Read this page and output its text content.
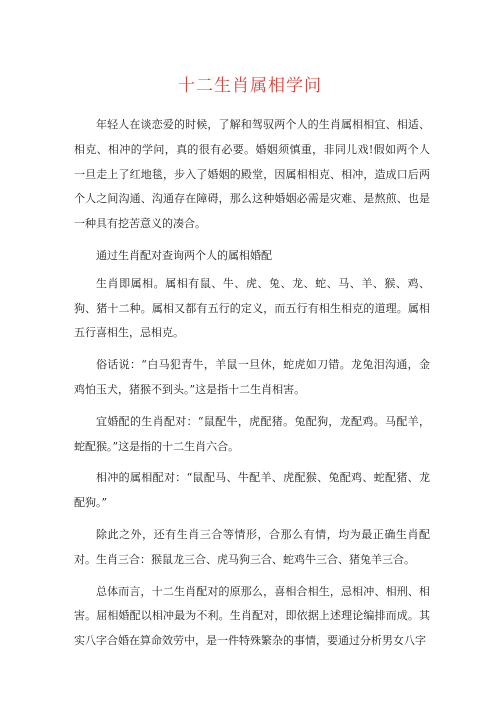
十二生肖属相学问

年轻人在谈恋爱的时候，了解和驾驭两个人的生肖属相相宜、相适、相克、相冲的学问，真的很有必要。婚姻须慎重，非同儿戏!假如两个人一旦走上了红地毯，步入了婚姻的殿堂，因属相相克、相冲，造成口后两个人之间沟通、沟通存在障碍，那么这种婚姻必需是灾难、是熬煎、也是一种具有挖苦意义的凑合。

通过生肖配对查询两个人的属相婚配

生肖即属相。属相有鼠、牛、虎、兔、龙、蛇、马、羊、猴、鸡、狗、猪十二种。属相又都有五行的定义，而五行有相生相克的道理。属相五行喜相生，忌相克。

俗话说：“白马犯青牛，羊鼠一旦休，蛇虎如刀错。龙兔泪沟通，金鸡怕玉犬，猪猴不到头。”这是指十二生肖相害。

宜婚配的生肖配对：“鼠配牛，虎配猪。兔配狗，龙配鸡。马配羊，蛇配猴。”这是指的十二生肖六合。

相冲的属相配对：“鼠配马、牛配羊、虎配猴、兔配鸡、蛇配猪、龙配狗。”

除此之外，还有生肖三合等情形，合那么有情，均为最正确生肖配对。生肖三合：猴鼠龙三合、虎马狗三合、蛇鸡牛三合、猪兔羊三合。

总体而言，十二生肖配对的原那么，喜相合相生，忌相冲、相刑、相害。屈相婚配以相冲最为不利。生肖配对，即依据上述理论编排而成。其实八字合婚在算命效劳中，是一件特殊繁杂的事情，要通过分析男女八字
